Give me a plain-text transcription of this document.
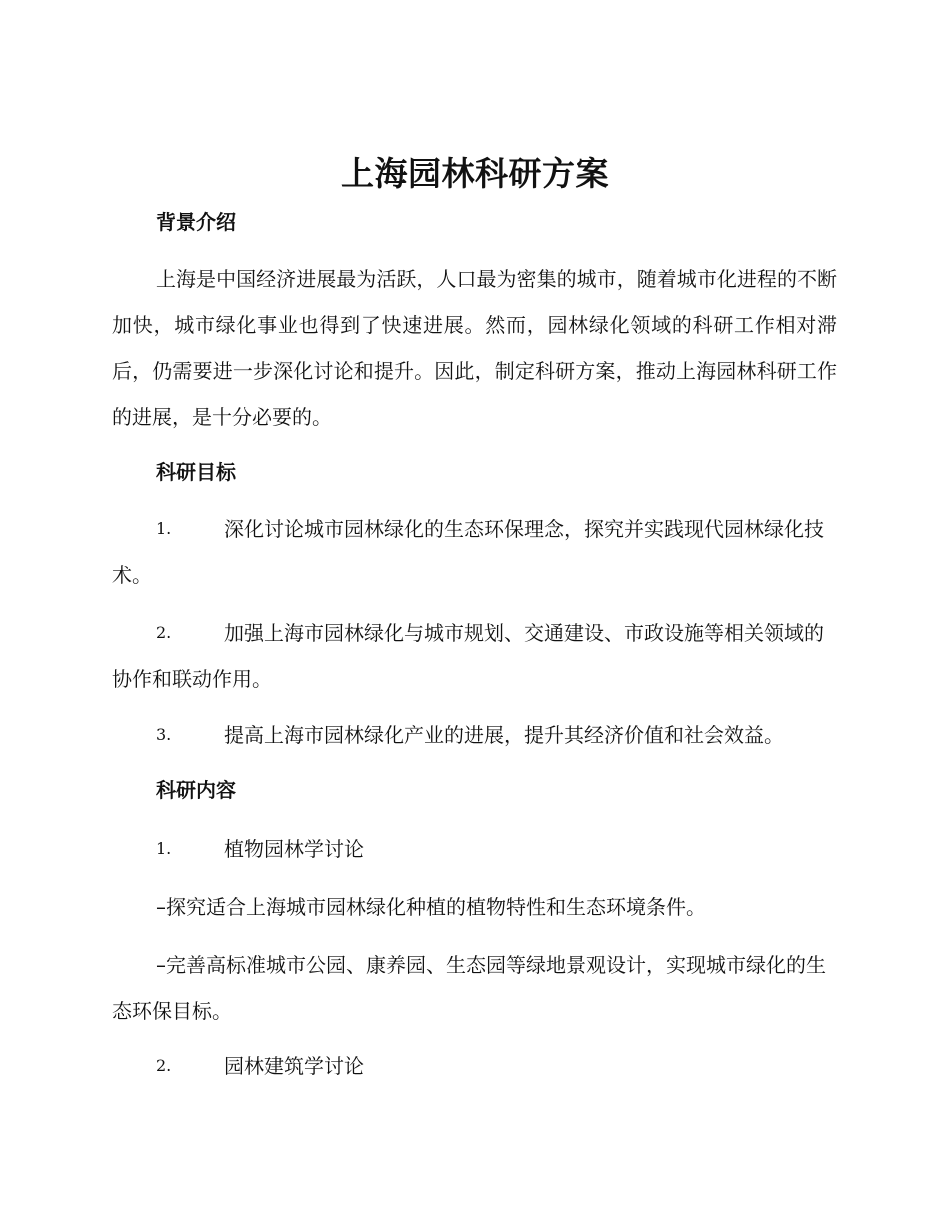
上海园林科研方案
背景介绍
上海是中国经济进展最为活跃，人口最为密集的城市，随着城市化进程的不断加快，城市绿化事业也得到了快速进展。然而，园林绿化领域的科研工作相对滞后，仍需要进一步深化讨论和提升。因此，制定科研方案，推动上海园林科研工作的进展，是十分必要的。
科研目标
1.	深化讨论城市园林绿化的生态环保理念，探究并实践现代园林绿化技术。
2.	加强上海市园林绿化与城市规划、交通建设、市政设施等相关领域的协作和联动作用。
3.	提高上海市园林绿化产业的进展，提升其经济价值和社会效益。
科研内容
1.	植物园林学讨论
–探究适合上海城市园林绿化种植的植物特性和生态环境条件。
–完善高标准城市公园、康养园、生态园等绿地景观设计，实现城市绿化的生态环保目标。
2.	园林建筑学讨论
